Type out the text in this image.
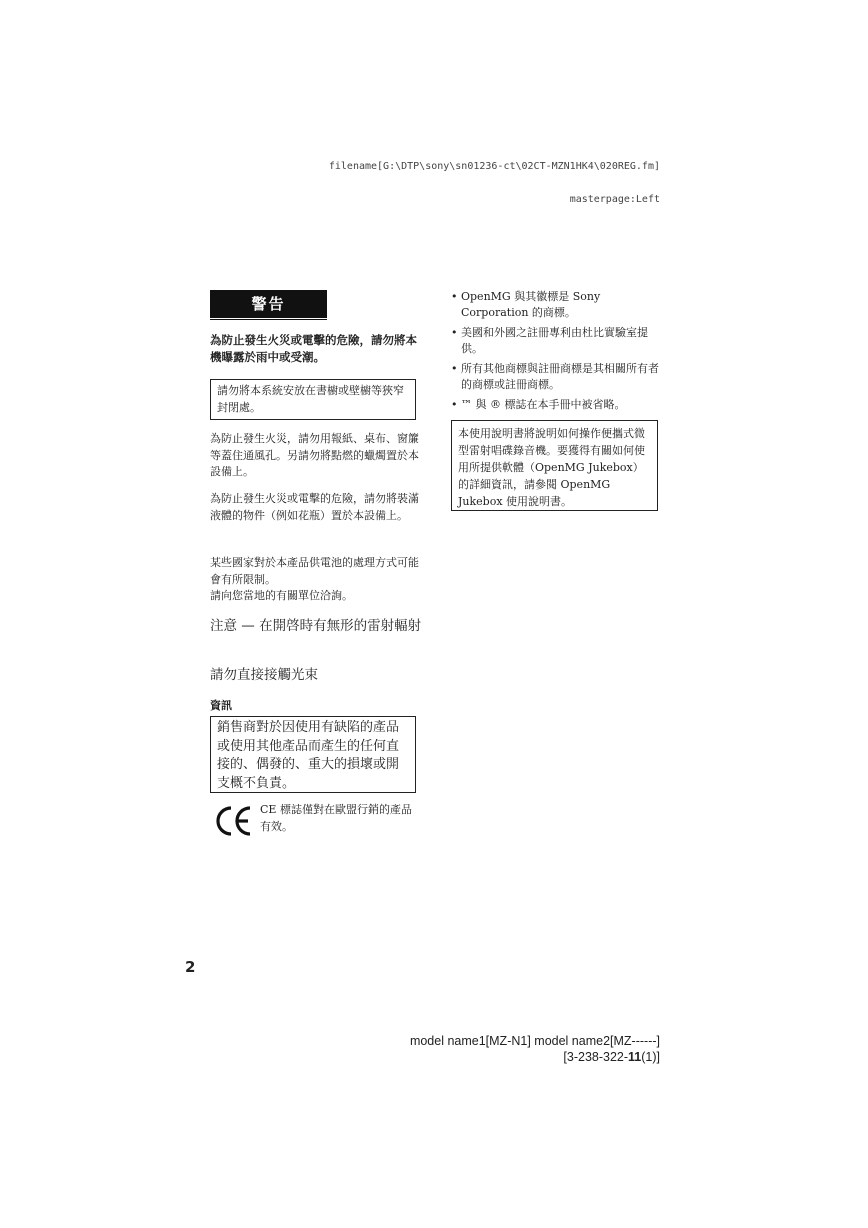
filename[G:\DTP\sony\sn01236-ct\02CT-MZN1HK4\020REG.fm]
masterpage:Left
警告
為防止發生火災或電擊的危險，請勿將本機曝露於雨中或受潮。
請勿將本系統安放在書櫥或壁櫥等狹窄封閉處。
為防止發生火災，請勿用報紙、桌布、窗簾等蓋住通風孔。另請勿將點燃的蠟燭置於本設備上。
為防止發生火災或電擊的危險，請勿將裝滿液體的物件（例如花瓶）置於本設備上。
某些國家對於本產品供電池的處理方式可能會有所限制。
請向您當地的有關單位洽詢。
注意 — 在開啓時有無形的雷射輻射
請勿直接接觸光束
資訊
銷售商對於因使用有缺陷的產品或使用其他產品而產生的任何直接的、偶發的、重大的損壞或開支概不負責。
CE 標誌僅對在歐盟行銷的產品有效。
• OpenMG 與其徽標是 Sony Corporation 的商標。
• 美國和外國之註冊專利由杜比實驗室提供。
• 所有其他商標與註冊商標是其相關所有者的商標或註冊商標。
• ™ 與 ® 標誌在本手冊中被省略。
本使用說明書將說明如何操作便攜式微型雷射唱碟錄音機。要獲得有關如何使用所提供軟體（OpenMG Jukebox）的詳細資訊，請參閱 OpenMG Jukebox 使用說明書。
2
model name1[MZ-N1] model name2[MZ------]
[3-238-322-11(1)]
